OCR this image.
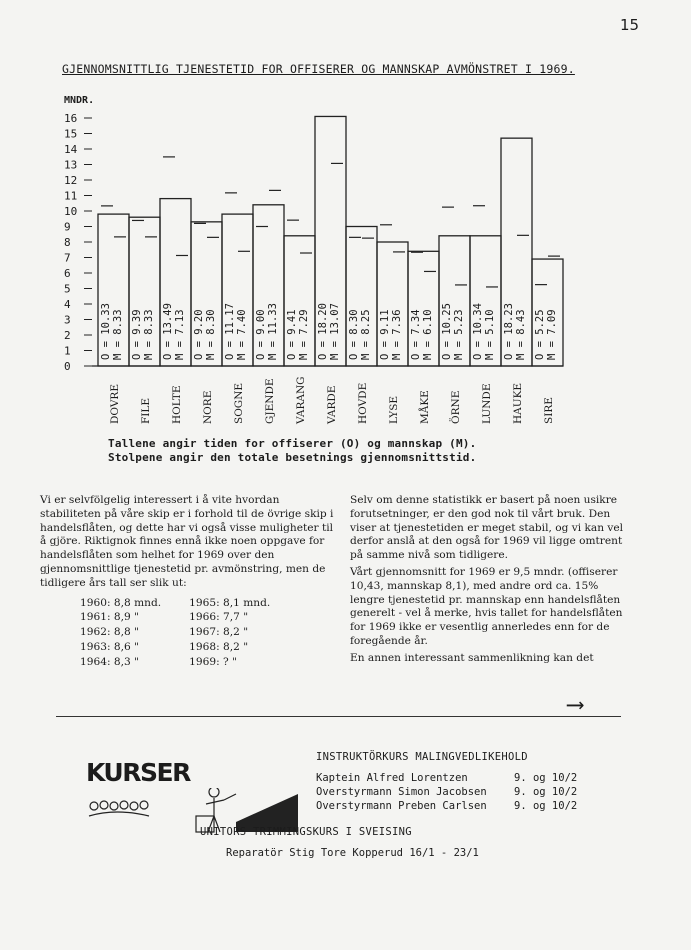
15
GJENNOMSNITTLIG TJENESTETID FOR OFFISERER OG MANNSKAP AVMÖNSTRET I 1969.
MNDR.
0
1
2
3
4
5
6
7
8
9
10
11
12
13
14
15
16
O = 10.33 O = 9.39 O = 13.49 O = 9.20 O = 11.17 O = 9.00 O = 9.41 O = 18.20 O = 8.30 O = 9.11 O = 7.34 O = 10.25 O = 10.34 O = 18.23 O = 5.25
M = 8.33 M = 8.33 M = 7.13 M = 8.30 M = 7.40 M = 11.33 M = 7.29 M = 13.07 M = 8.25 M = 7.36 M = 6.10 M = 5.23 M = 5.10 M = 8.43 M = 7.09
DOVRE FILE HOLTE NORE SOGNE GJENDE VARANG VARDE HOVDE LYSE MÅKE ÖRNE LUNDE HAUKE SIRE
Tallene angir tiden for offiserer (O) og mannskap (M).
Stolpene angir den totale besetnings gjennomsnittstid.

Vi er selvfölgelig interessert i å vite hvordan stabiliteten på våre skip er i forhold til de övrige skip i handelsflåten, og dette har vi også visse muligheter til å gjöre. Riktignok finnes ennå ikke noen oppgave for handelsflåten som helhet for 1969 over den gjennomsnittlige tjenestetid pr. avmönstring, men de tidligere års tall ser slik ut:

1960: 8,8 mnd.	1965: 8,1 mnd.
1961: 8,9 "	1966: 7,7 "
1962: 8,8 "	1967: 8,2 "
1963: 8,6 "	1968: 8,2 "
1964: 8,3 "	1969: ? "

Selv om denne statistikk er basert på noen usikre forutsetninger, er den god nok til vårt bruk. Den viser at tjenestetiden er meget stabil, og vi kan vel derfor anslå at den også for 1969 vil ligge omtrent på samme nivå som tidligere.

Vårt gjennomsnitt for 1969 er 9,5 mndr. (offiserer 10,43, mannskap 8,1), med andre ord ca. 15% lengre tjenestetid pr. mannskap enn handelsflåten generelt - vel å merke, hvis tallet for handelsflåten for 1969 ikke er vesentlig annerledes enn for de foregående år.

En annen interessant sammenlikning kan det

⟶
KURSER
INSTRUKTÖRKURS MALINGVEDLIKEHOLD
Kaptein Alfred Lorentzen	9. og 10/2
Overstyrmann Simon Jacobsen	9. og 10/2
Overstyrmann Preben Carlsen	9. og 10/2
UNITORS TRIMMINGSKURS I SVEISING
Reparatör Stig Tore Kopperud 16/1 - 23/1
